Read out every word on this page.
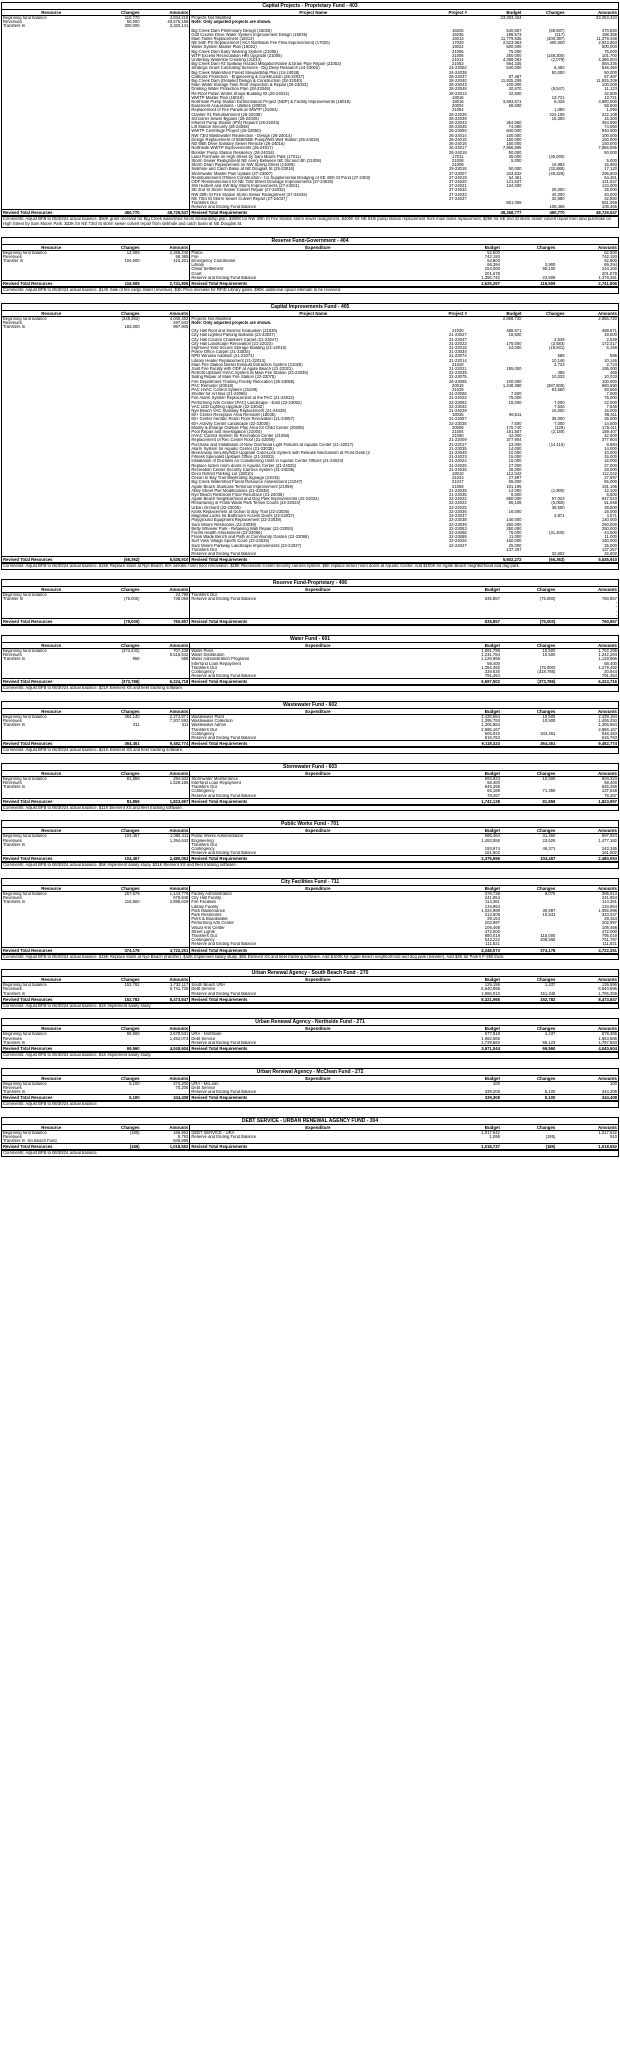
Capital Projects - Proprietary Fund - 403
Resource	Changes	Amounts	Project Name	Project #	Budget	Changes	Amounts
Beginning fund balance	110,770	4,834,218	Projects Not Modified		23,263,434		23,263,434
Revenues	50,000	40,575,188	Note: Only adjusted projects are shown.				
Transfers In	300,000	3,320,141					
			Big Creek Dam Preliminary Design (15025)	15025	540,667	(69,937)	470,830
			Golf Course Drive Water System Improvement Design (15035)	15035	198,573	(217)	198,356
			Main Tanks Replacement (16013)	16013	11,779,835	(400,387)	11,379,448
			NE 54th PS Replacement (AKA Northside Fire Flow Improvement) (17020)	17020	2,523,953	400,000	2,923,953
			Water System Master Plan (19022)	19022	500,000		500,000
			Big Creek Dam Early Warning System (21005)	21005	75,000		75,000
			WTP Excess Recirculation HRI Upgrade (21006)	21006	250,000	(148,300)	101,700
			Underbay Waterline Crossing (21014)	21014	4,388,083	(2,079)	4,386,004
			Big Creek Dam #2 Spillway Hazard Mitigation/Valve & Drain Pipe Repair (21053)	21053	684,335		684,335
			Strategic Grant Consulting Services - Dig Deep Research (24-23002)	24-23002	540,000	6,460	546,460
			Big Creek Watershed Forest Stewardship Plan (24-24038)	24-24038		50,000	50,000
			Cathodic Protection - Engineering & Construction (28-22037)	28-22037	87,487		87,487
			Big Creek Dam (Detailed Design & Construction (28-22040)	28-22040	11,825,209		11,825,209
			Main Water Storage Tank Roof Inspection & Repair (28-23043)	28-23043	100,000		100,000
			Drinking Water Protection Plan (28-23048)	28-23048	20,670	(9,547)	11,123
			Re-Roof Public Works Shops Building #2 (28-24013)	28-24013	32,500		32,500
			WWTP Master Plan (18016)	18016		13,721	13,721
			Northside Pump Station Dichlorination Project (NDP) & Facility Improvements (18016)	18016	3,683,571	6,429	3,690,000
			Easement Acquisitions - Utilities (20002)	20002	58,500		58,500
			Replacement of Fire Panels at WWTP (21054)	21054		1,090	1,090
			Clarifier #1 Refurbishment (26-22038)	26-22038		222,108	222,108
			Schooner Sewer Bypass (26-22039)	26-22039		15,300	15,300
			Influent Pump Station (IPS) Repairs (26-22043)	26-22043	354,650		354,650
			Lift Station Security (26-23048)	26-23048	74,060		74,060
			WWTP Centrifuge Project (26-23050)	26-23050	840,000		840,000
			NW 73rd Wastewater Redirection - Design (26-24014)	26-24014	100,000		100,000
			Design Replacement of 55th/56th Pump/Wet Well Station (26-24015)	26-24015	150,000		150,000
			NE 66th Drive Sanitary Sewer Reroute (26-24016)	26-24016	150,000		150,000
			Northside WWTP Improvements (26-24017)	26-24017	7,866,695		7,866,695
			Booster Pump Station Resiliency (26-24018)	26-24018	50,000		50,000
			Land Purchase on High Street by Sam Moore Park (17011)	17011	35,000	(35,000)	
			Storm Sewer Realignment NE Avery Between NE 3rd and 4th (21008)	21008	5,000		5,000
			Storm Drain Replacement on NW Spring Street (21009)	21009		15,993	15,993
			Sinkhole and Catch Basin at NE Douglas St (25-23016)	25-23016	50,000	(32,880)	17,120
			Stormwater Master Plan Update (27-23007)	27-23007	343,832	(49,329)	295,503
			Reimbursement O'Brien Construction - for Supplemental Dredging of SE 40th St Pond (27-2403)	27-24019	54,461		54,461
			ODF Reimbursement for NE 73rd Street Drainage Improvements (27-24020)	27-24020	121,537		121,537
			SW Hurbert and SW Bay Storm Improvements (27-24021)	27-24021	134,000		134,000
			SE 2nd St Storm Sewer Culvert Repair (27-24032)	27-24032		25,000	25,000
			NW 30th St Fire Station Storm Sewer Realignment (27-24033)	27-24033		40,000	40,000
			NE 73rd St Storm Sewer Culvert Repair (27-24037)	27-24037		32,880	32,880
			Transfers Out		651,059		651,059
			Reserve and Ending Fund Balance			108,465	108,465
Revised Total Resources	460,770	48,729,547	Revised Total Requirements		48,268,777	460,770	48,729,547
Comments: Adjust BFB to 06/30/24 actual balance. $50K grant received for Big Creek watershed forest stewardship plan. $300K for NW 30th St Fire Station storm sewer realignment. $400K for NE 54th pump station replacement from main tanks replacement. $25K for SE 2nd St storm sewer culvert repair from land purchase on High Street by Sam Moore Park. $33K for NE 73rd St storm sewer culvert repair from sinkhole and catch basin at NE Douglas St.
Reserve Fund-Government - 404
Resource	Changes	Amounts	Expenditure	Budget	Changes	Amounts
Beginning fund balance	12,009	2,268,240	Police	52,500		52,500
Revenues		58,365	Fire	742,193		742,193
Transfer In	104,500	415,201	Emergency Coordinator	52,800		52,800
			Library	66,394	2,900	69,294
			Onsid Settlement	154,000	90,100	244,100
			Court	201,678		201,678
			Reserve and Ending Fund Balance	1,355,742	23,509	1,379,251
Revised Total Resources	116,509	2,741,806	Revised Total Requirements	2,625,297	116,509	2,741,806
Comments: Adjust BFB to 06/30/24 actual balance. $14K Sale of fire cargo trailer (revenue). $3K Price increase for RFID Library gates. $90K additional opioid estimate to be received.
Capital Improvements Fund - 405
Resource	Changes	Amounts	Project Name	Project #	Budget	Changes	Amounts
Beginning fund balance	(249,362)	4,040,463	Projects Not Modified		2,856,720		2,856,720
Revenues		497,642	Note: Only adjusted projects are shown.				
Transfers In	183,000	997,905					
			City Hall Roof and Seismic Evaluation (21030)	21030	488,671		488,671
			City Hall Lighted Parking Bollards (23-23027)	21-23027	18,600		18,600
			City Hall Council Chambers Carpet (21-23047)	21-23047		2,549	2,549
			City Hall Landscape Renovation (21-22023)	21-22023	175,000	(2,683)	172,317
			Improved Yard Secure Storage Building (21-22015)	21-22015	24,000	(18,831)	5,169
			Police Office Carpet (21-23034)	21-23034			
			NPD Window Addition (21-23074)	21-23074		586	586
			Library Heater Replacement (21-22014)	21-22014		10,146	10,146
			Main Fire Station Diesel Exhaust Extraction System (21028)	21028		2,723	2,723
			Joint Fire Facility with ODF at Agate Beach (21-22021)	21-22021	195,000		195,000
			Retrofit Upstairs HVAC System at Main Fire Station (22-23039)	22-23039		468	468
			Siding Repair of Main Fire Station (22-23075)	22-23075		10,033	10,033
			Fire Department Training Facility Relocation (26-23055)	26-23055	100,000		100,000
			PAC Remodel (20018)	20018	1,248,390	(387,800)	860,590
			PAC HVAC Control System (21029)	21029		93,660	93,660
			Shelter for Art Bus (21-23066)	21-23066	7,500		7,500
			Fire Alarm System Replacement at the PAC (21-24022)	21-24022	75,000		75,000
			Performing Arts Center (PAC) Landscape - East (22-23052)	22-23052	15,000	7,000	22,000
			VAC LED Lighting Upgrade (22-23042)	22-23042		7,546	7,546
			Nye Beach VAC Stairway Replacement (21-24029)	21-24029		15,000	15,000
			60+ Center Reception Area Remodel (18035)	18035	96,611		96,611
			60+ Center Aerobic Room Floor Renovation (21-24057)	21-24057		35,000	35,000
			60+ Activity Center Landscape (22-23035)	22-23035	7,500	7,000	14,500
			Modify & Enlarge Outside Play Area for Child Center (20008)	20008	175,740	(129)	175,611
			Pool Repair and Investigation (21004)	21004	161,557	(2,150)	159,407
			HVAC Control System for Recreation Center (21058)	21058	42,000		42,000
			Replacement of Rec Center Roof (21-22009)	21-22009	377,904		377,904
			Purchase and Installation of New Overhead Light Fixtures at Aquatic Center (21-22017)	21-22017	23,000	(14,116)	8,884
			Alarm System for Aquatic Center (21-23035)	21-23035	14,000		14,000
			Breezeway Security/NDA Upgrade Card-Lock System with Release Mechanism at Front Desk (2	21-23049	10,000		10,000
			Fitness Specialist Upstairs Office (21-24023)	21-24023	15,000		15,000
			Installation of Ductless Air Conditioning Units in Aquatic Center Offices (21-24024)	21-24024	16,000		16,000
			Replace locker room doors in Aquatic Center (21-24025)	21-24025	27,000		27,000
			Recreation Center Security Camera System (21-24036)	21-24036	28,000		28,000
			Deco District Parking Lot (18010)	18010	112,042		112,042
			Ocean to Bay Trail Wayfinding Signage (21043)	21043	27,697		27,697
			Big Creek Watershed Forest Resource Assessment (21047)	21047	65,000		65,000
			Agate Beach Staircase Terminus Improvement (21059)	21059	191,195		191,195
			Abby Street Pier Modifications (21-23038)	21-23038	14,000	(1,900)	12,100
			Nye Beach Restroom Floor Resurface (21-24035)	21-24035	6,500		6,500
			Agate Beach Neighborhood and Dog Park Improvements (22-22022)	22-22022	850,000	97,023	947,023
			Resurfacing of Frank Wade Park Tennis Courts (22-22024)	22-22024	56,108	(5,060)	51,048
			Urban Orchard (22-22025)	22-22025		38,500	38,500
			Kiosk Replacement at Ocean to Bay Trail (22-23036)	22-23036	16,000		16,000
			Magnolia Locks for Bathroom Access Doors (22-23037)	22-23037		4,871	4,871
			Playground Equipment Replacement (22-23038)	22-23038	140,000		140,000
			Sam Moore Restrooms (22-23039)	22-23039	250,000		250,000
			Betty Wheeler Park - Retaining Wall Repair (22-23053)	22-23053	250,000		250,000
			Forest Health Assessment (22-23066)	22-23066	76,000	(31,400)	44,600
			Frank Wade Bench and Path at Community Garden (22-23068)	22-23068	11,000		11,000
			Surf View Village Sports Court (22-24026)	22-24026	150,000		150,000
			Sam Moore Parkway Landscape Improvements (22-24027)	22-24027	25,000		25,000
			Transfers Out		137,257		137,257
			Reserve and Ending Fund Balance			32,602	32,602
Revised Total Resources	(66,362)	5,535,910	Revised Total Requirements		5,602,272	(66,362)	5,535,910
Comments: Adjust BFB to 06/30/24 actual balance. $15K Replace stairs at Nye Beach. 60+ aerobic room floor renovation. $28K Recreation Center security camera system. $5K replace locker room doors at Aquatic Center. Add $100K for Agate Beach neighborhood and dog park.
Reserve Fund-Proprietary - 406
Resource	Changes	Amounts	Expenditure	Budget	Changes	Amounts
Beginning fund balance		24,798	Transfers Out			
Transfer In	(75,000)	736,059	Reserve and Ending Fund Balance	835,857	(75,000)	760,857
						-
						-
						-
						-
Revised Total Resources	(75,000)	760,857	Revised Total Requirements	835,857	(75,000)	760,857
Water Fund - 601
Resource	Changes	Amounts	Expenditure	Budget	Changes	Amounts
Beginning fund balance	(373,442)	707,438	Water Plant	1,691,796	10,500	1,702,296
Revenues		5,516,642	Water Distribution	1,231,784	10,500	1,242,284
Transfers In	656	656	Water Administration Programs	1,129,966		1,129,966
			Interfund Loan Repayment	58,400		58,400
			Transfers Out	1,354,492	(75,000)	1,279,492
			Contingency	339,630	(318,786)	20,844
			Reserve and Ending Fund Balance	791,454		791,454
Revised Total Resources	(372,786)	6,224,718	Revised Total Requirements	6,597,502	(372,786)	6,224,716
Comments: Adjust BFB to 06/30/24 actual balance. $21K Element XS and fleet tracking software.
Wastewater Fund - 602
Resource	Changes	Amounts	Expenditure	Budget	Changes	Amounts
Beginning fund balance	364,140	2,274,871	Wastewater Plant	2,428,684	10,500	2,439,184
Revenues		7,207,592	Wastewater Collection	1,395,793	10,500	1,406,293
Transfers In	311	311	Wastewater Admin	1,306,884		1,306,884
			Transfers Out	2,866,167		2,866,167
			Contingency	505,032	343,451	848,483
			Reserve and Ending Fund Balance	615,763		615,763
Revised Total Resources	364,451	9,482,774	Revised Total Requirements	9,118,323	364,451	9,482,774
Comments: Adjust BFB to 06/30/24 actual balance. $21K Element XS and fleet tracking software.
Stormwater Fund - 603
Resource	Changes	Amounts	Expenditure	Budget	Changes	Amounts
Beginning fund balance	81,859	294,842	Stormwater Maintenance	593,823	10,500	604,323
Revenues		1,529,155	Interfund Loan Repayment	58,400		58,400
Transfers In			Transfers Out	945,459		945,459
			Contingency	66,189	71,359	137,548
			Reserve and Ending Fund Balance	78,267		78,267
Revised Total Resources	81,859	1,823,997	Revised Total Requirements	1,742,138	81,859	1,823,997
Comments: Adjust BFB to 06/30/24 actual balance. $11K Element XS and fleet tracking software.
Public Works Fund - 701
Resource	Changes	Amounts	Expenditure	Budget	Changes	Amounts
Beginning fund balance	104,457	1,085,411	Public Works Administration	566,464	31,460	597,924
Revenues		1,394,642	Engineering	1,453,556	23,626	1,477,182
Transfers In			Transfers Out			
			Contingency	193,974	49,371	243,345
			Reserve and Ending Fund Balance	161,602		161,602
Revised Total Resources	104,457	2,480,053	Revised Total Requirements	2,375,596	104,457	2,480,053
Comments: Adjust BFB to 06/30/24 actual balance. $5K Implement salary study. $31K Element XS and fleet tracking software.
City Facilities Fund - 711
Resource	Changes	Amounts	Expenditure	Budget	Changes	Amounts
Beginning fund balance	257,678	1,143,776	Facility Administration	376,738	9,075	385,813
Revenues		678,848	City Hall Facility	241,854		241,854
Transfers In	116,500	2,899,629	Fire Facilities	114,381		114,381
			Library Facility	134,954		134,954
			Park Maintenance	1,024,999	30,997	1,055,996
			Park Restrooms	312,506	10,541	323,047
			Piers & Boardwalks	28,154		28,154
			Performing Arts Center	202,997		202,997
			Visual Arts Center	106,468		106,468
			Street Lights	472,000		472,000
			Transfers Out	680,019	115,000	795,019
			Contingency	543,222	208,565	751,787
			Reserve and Ending Fund Balance	111,821		111,821
Revised Total Resources	374,178	4,722,251	Revised Total Requirements	4,348,073	374,178	4,722,251
Comments: Adjust BFB to 06/30/24 actual balance. $15K Replace stairs at Nye Beach (transfer). $42K Implement salary study. $5K Element XS and fleet tracking software. Add $100K for Agate Beach neighborhood and dog park (transfer). Add $3K for Park's F-350 truck.
Urban Renewal Agency - South Beach Fund - 270
Resource	Changes	Amounts	Expenditure	Budget	Changes	Amounts
Beginning fund balance	152,782	1,732,117	South Beach URA	125,159	1,437	126,596
Revenues		6,741,730	Debt Service	6,640,896		6,640,896
Transfers In			Reserve and Ending Fund Balance	1,555,010	151,345	1,706,355

Revised Total Resources	152,782	8,473,847	Revised Total Requirements	8,321,065	152,782	8,473,847
Comments: Adjust BFB to 06/30/24 actual balance. $1K Implement salary study.
Urban Renewal Agency - Northside Fund - 271
Resource	Changes	Amounts	Expenditure	Budget	Changes	Amounts
Beginning fund balance	69,560	2,578,531	URA - Northside	577,918	1,437	579,355
Revenues		1,462,073	Debt Service	1,663,566		1,663,566
Transfers In			Reserve and Ending Fund Balance	1,729,560	68,123	1,797,683

Revised Total Resources	69,560	4,040,604	Revised Total Requirements	3,971,044	69,560	4,040,604
Comments: Adjust BFB to 06/30/24 actual balance. $1K Implement salary study.
Urban Renewal Agency - McClean Fund - 272
Resource	Changes	Amounts	Expenditure	Budget	Changes	Amounts
Beginning fund balance	5,100	274,200	URA - McLean	100		100
Revenues		70,208	Debt Service			
Transfers In			Reserve and Ending Fund Balance	339,208	5,100	344,308

Revised Total Resources	5,100	344,408	Revised Total Requirements	339,308	5,100	344,408
Comments: Adjust BFB to 06/30/24 actual balance.
DEBT SERVICE - URBAN RENEWAL AGENCY FUND - 304
Resource	Changes	Amounts	Expenditure	Budget	Changes	Amounts
Beginning fund balance	(185)	166,863	DEBT SERVICE - URA	1,017,642		1,017,642
Revenues		5,793	Reserve and Ending Fund Balance	1,095	(185)	910
Transfers In -So Beach Fund		845,896				
Revised Total Resources	(185)	1,018,552	Revised Total Requirements	1,018,737	(185)	1,018,552
Comments: Adjust BFB to 06/30/24 actual balance.
